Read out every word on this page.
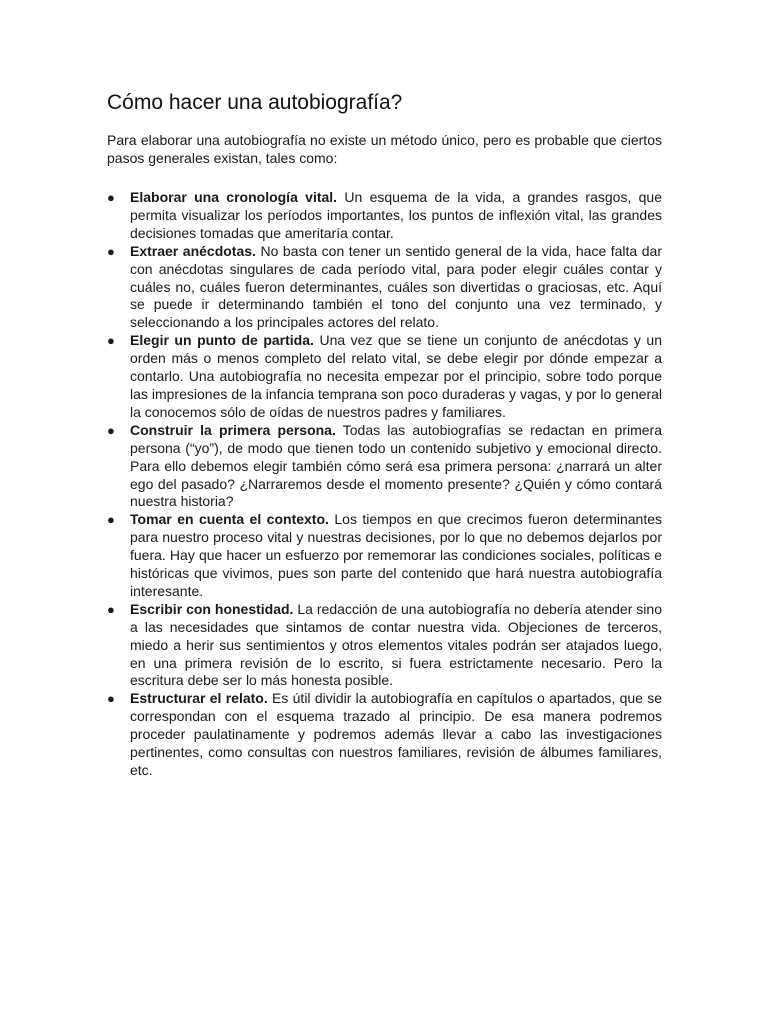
Cómo hacer una autobiografía?

Para elaborar una autobiografía no existe un método único, pero es probable que ciertos pasos generales existan, tales como:

● Elaborar una cronología vital. Un esquema de la vida, a grandes rasgos, que permita visualizar los períodos importantes, los puntos de inflexión vital, las grandes decisiones tomadas que ameritaría contar.
● Extraer anécdotas. No basta con tener un sentido general de la vida, hace falta dar con anécdotas singulares de cada período vital, para poder elegir cuáles contar y cuáles no, cuáles fueron determinantes, cuáles son divertidas o graciosas, etc. Aquí se puede ir determinando también el tono del conjunto una vez terminado, y seleccionando a los principales actores del relato.
● Elegir un punto de partida. Una vez que se tiene un conjunto de anécdotas y un orden más o menos completo del relato vital, se debe elegir por dónde empezar a contarlo. Una autobiografía no necesita empezar por el principio, sobre todo porque las impresiones de la infancia temprana son poco duraderas y vagas, y por lo general la conocemos sólo de oídas de nuestros padres y familiares.
● Construir la primera persona. Todas las autobiografías se redactan en primera persona (“yo”), de modo que tienen todo un contenido subjetivo y emocional directo. Para ello debemos elegir también cómo será esa primera persona: ¿narrará un alter ego del pasado? ¿Narraremos desde el momento presente? ¿Quién y cómo contará nuestra historia?
● Tomar en cuenta el contexto. Los tiempos en que crecimos fueron determinantes para nuestro proceso vital y nuestras decisiones, por lo que no debemos dejarlos por fuera. Hay que hacer un esfuerzo por rememorar las condiciones sociales, políticas e históricas que vivimos, pues son parte del contenido que hará nuestra autobiografía interesante.
● Escribir con honestidad. La redacción de una autobiografía no debería atender sino a las necesidades que sintamos de contar nuestra vida. Objeciones de terceros, miedo a herir sus sentimientos y otros elementos vitales podrán ser atajados luego, en una primera revisión de lo escrito, si fuera estrictamente necesario. Pero la escritura debe ser lo más honesta posible.
● Estructurar el relato. Es útil dividir la autobiografía en capítulos o apartados, que se correspondan con el esquema trazado al principio. De esa manera podremos proceder paulatinamente y podremos además llevar a cabo las investigaciones pertinentes, como consultas con nuestros familiares, revisión de álbumes familiares, etc.
